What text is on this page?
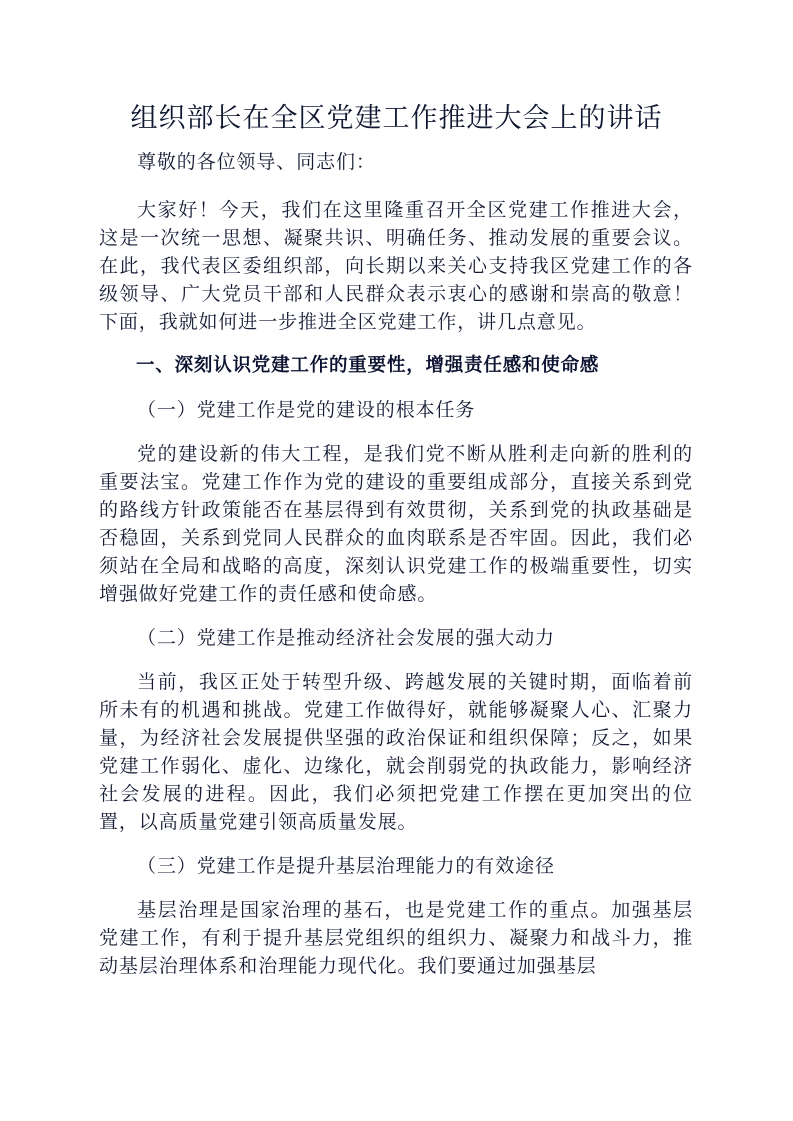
组织部长在全区党建工作推进大会上的讲话

尊敬的各位领导、同志们：

大家好！今天，我们在这里隆重召开全区党建工作推进大会，这是一次统一思想、凝聚共识、明确任务、推动发展的重要会议。在此，我代表区委组织部，向长期以来关心支持我区党建工作的各级领导、广大党员干部和人民群众表示衷心的感谢和崇高的敬意！下面，我就如何进一步推进全区党建工作，讲几点意见。

一、深刻认识党建工作的重要性，增强责任感和使命感

（一）党建工作是党的建设的根本任务

党的建设新的伟大工程，是我们党不断从胜利走向新的胜利的重要法宝。党建工作作为党的建设的重要组成部分，直接关系到党的路线方针政策能否在基层得到有效贯彻，关系到党的执政基础是否稳固，关系到党同人民群众的血肉联系是否牢固。因此，我们必须站在全局和战略的高度，深刻认识党建工作的极端重要性，切实增强做好党建工作的责任感和使命感。

（二）党建工作是推动经济社会发展的强大动力

当前，我区正处于转型升级、跨越发展的关键时期，面临着前所未有的机遇和挑战。党建工作做得好，就能够凝聚人心、汇聚力量，为经济社会发展提供坚强的政治保证和组织保障；反之，如果党建工作弱化、虚化、边缘化，就会削弱党的执政能力，影响经济社会发展的进程。因此，我们必须把党建工作摆在更加突出的位置，以高质量党建引领高质量发展。

（三）党建工作是提升基层治理能力的有效途径

基层治理是国家治理的基石，也是党建工作的重点。加强基层党建工作，有利于提升基层党组织的组织力、凝聚力和战斗力，推动基层治理体系和治理能力现代化。我们要通过加强基层
